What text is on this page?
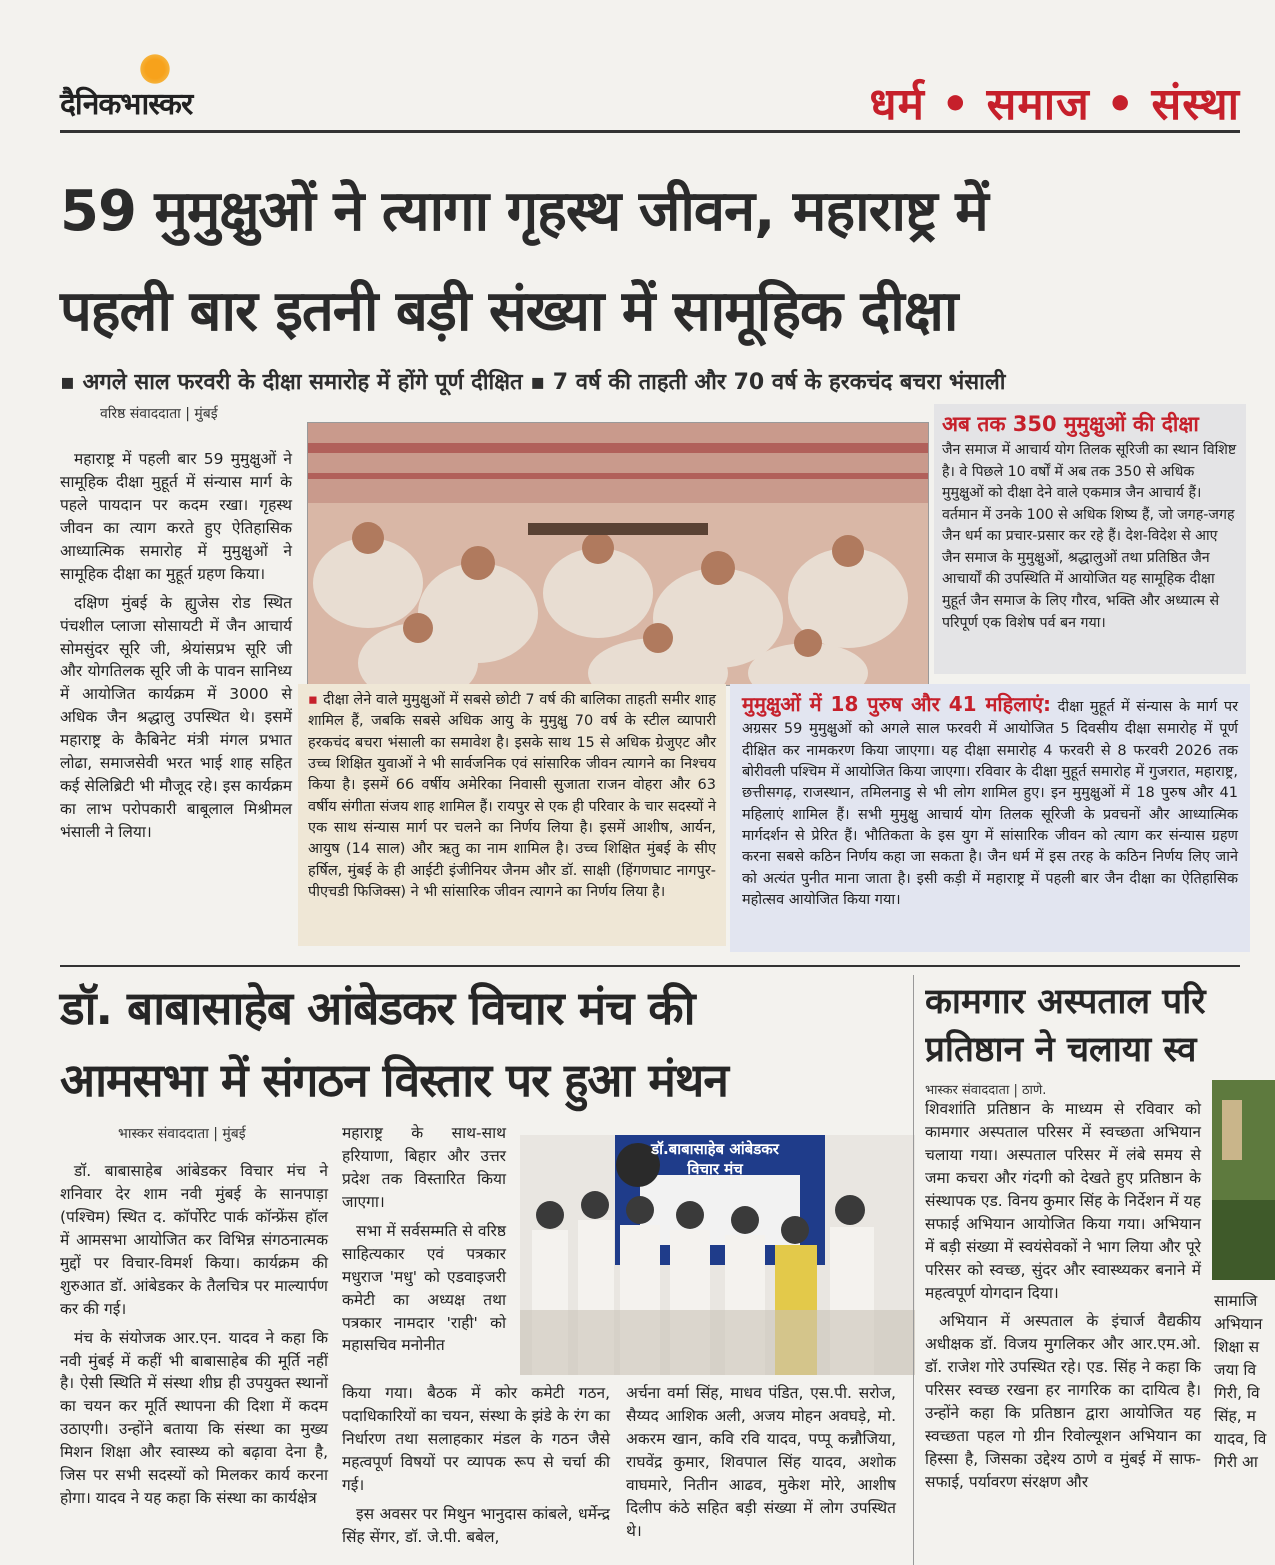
दैनिकभास्कर	धर्म • समाज • संस्था
59 मुमुक्षुओं ने त्यागा गृहस्थ जीवन, महाराष्ट्र में
पहली बार इतनी बड़ी संख्या में सामूहिक दीक्षा
▪ अगले साल फरवरी के दीक्षा समारोह में होंगे पूर्ण दीक्षित ▪ 7 वर्ष की ताहती और 70 वर्ष के हरकचंद बचरा भंसाली
वरिष्ठ संवाददाता | मुंबई

महाराष्ट्र में पहली बार 59 मुमुक्षुओं ने सामूहिक दीक्षा मुहूर्त में संन्यास मार्ग के पहले पायदान पर कदम रखा। गृहस्थ जीवन का त्याग करते हुए ऐतिहासिक आध्यात्मिक समारोह में मुमुक्षुओं ने सामूहिक दीक्षा का मुहूर्त ग्रहण किया।

दक्षिण मुंबई के ह्युजेस रोड स्थित पंचशील प्लाजा सोसायटी में जैन आचार्य सोमसुंदर सूरि जी, श्रेयांसप्रभ सूरि जी और योगतिलक सूरि जी के पावन सानिध्य में आयोजित कार्यक्रम में 3000 से अधिक जैन श्रद्धालु उपस्थित थे। इसमें महाराष्ट्र के कैबिनेट मंत्री मंगल प्रभात लोढा, समाजसेवी भरत भाई शाह सहित कई सेलिब्रिटी भी मौजूद रहे। इस कार्यक्रम का लाभ परोपकारी बाबूलाल मिश्रीमल भंसाली ने लिया।

अब तक 350 मुमुक्षुओं की दीक्षा
जैन समाज में आचार्य योग तिलक सूरिजी का स्थान विशिष्ट है। वे पिछले 10 वर्षों में अब तक 350 से अधिक मुमुक्षुओं को दीक्षा देने वाले एकमात्र जैन आचार्य हैं। वर्तमान में उनके 100 से अधिक शिष्य हैं, जो जगह-जगह जैन धर्म का प्रचार-प्रसार कर रहे हैं। देश-विदेश से आए जैन समाज के मुमुक्षुओं, श्रद्धालुओं तथा प्रतिष्ठित जैन आचार्यों की उपस्थिति में आयोजित यह सामूहिक दीक्षा मुहूर्त जैन समाज के लिए गौरव, भक्ति और अध्यात्म से परिपूर्ण एक विशेष पर्व बन गया।
▪ दीक्षा लेने वाले मुमुक्षुओं में सबसे छोटी 7 वर्ष की बालिका ताहती समीर शाह शामिल हैं, जबकि सबसे अधिक आयु के मुमुक्षु 70 वर्ष के स्टील व्यापारी हरकचंद बचरा भंसाली का समावेश है। इसके साथ 15 से अधिक ग्रेजुएट और उच्च शिक्षित युवाओं ने भी सार्वजनिक एवं सांसारिक जीवन त्यागने का निश्चय किया है। इसमें 66 वर्षीय अमेरिका निवासी सुजाता राजन वोहरा और 63 वर्षीय संगीता संजय शाह शामिल हैं। रायपुर से एक ही परिवार के चार सदस्यों ने एक साथ संन्यास मार्ग पर चलने का निर्णय लिया है। इसमें आशीष, आर्यन, आयुष (14 साल) और ऋतु का नाम शामिल है। उच्च शिक्षित मुंबई के सीए हर्षिल, मुंबई के ही आईटी इंजीनियर जैनम और डॉ. साक्षी (हिंगणघाट नागपुर-पीएचडी फिजिक्स) ने भी सांसारिक जीवन त्यागने का निर्णय लिया है।
मुमुक्षुओं में 18 पुरुष और 41 महिलाएं: दीक्षा मुहूर्त में संन्यास के मार्ग पर अग्रसर 59 मुमुक्षुओं को अगले साल फरवरी में आयोजित 5 दिवसीय दीक्षा समारोह में पूर्ण दीक्षित कर नामकरण किया जाएगा। यह दीक्षा समारोह 4 फरवरी से 8 फरवरी 2026 तक बोरीवली पश्चिम में आयोजित किया जाएगा। रविवार के दीक्षा मुहूर्त समारोह में गुजरात, महाराष्ट्र, छत्तीसगढ़, राजस्थान, तमिलनाडु से भी लोग शामिल हुए। इन मुमुक्षुओं में 18 पुरुष और 41 महिलाएं शामिल हैं। सभी मुमुक्षु आचार्य योग तिलक सूरिजी के प्रवचनों और आध्यात्मिक मार्गदर्शन से प्रेरित हैं। भौतिकता के इस युग में सांसारिक जीवन को त्याग कर संन्यास ग्रहण करना सबसे कठिन निर्णय कहा जा सकता है। जैन धर्म में इस तरह के कठिन निर्णय लिए जाने को अत्यंत पुनीत माना जाता है। इसी कड़ी में महाराष्ट्र में पहली बार जैन दीक्षा का ऐतिहासिक महोत्सव आयोजित किया गया।
डॉ. बाबासाहेब आंबेडकर विचार मंच की
आमसभा में संगठन विस्तार पर हुआ मंथन
भास्कर संवाददाता | मुंबई

डॉ. बाबासाहेब आंबेडकर विचार मंच ने शनिवार देर शाम नवी मुंबई के सानपाड़ा (पश्चिम) स्थित द. कॉर्पोरेट पार्क कॉन्फ्रेंस हॉल में आमसभा आयोजित कर विभिन्न संगठनात्मक मुद्दों पर विचार-विमर्श किया। कार्यक्रम की शुरुआत डॉ. आंबेडकर के तैलचित्र पर माल्यार्पण कर की गई।

मंच के संयोजक आर.एन. यादव ने कहा कि नवी मुंबई में कहीं भी बाबासाहेब की मूर्ति नहीं है। ऐसी स्थिति में संस्था शीघ्र ही उपयुक्त स्थानों का चयन कर मूर्ति स्थापना की दिशा में कदम उठाएगी। उन्होंने बताया कि संस्था का मुख्य मिशन शिक्षा और स्वास्थ्य को बढ़ावा देना है, जिस पर सभी सदस्यों को मिलकर कार्य करना होगा। यादव ने यह कहा कि संस्था का कार्यक्षेत्र

महाराष्ट्र के साथ-साथ हरियाणा, बिहार और उत्तर प्रदेश तक विस्तारित किया जाएगा।

सभा में सर्वसम्मति से वरिष्ठ साहित्यकार एवं पत्रकार मधुराज 'मधु' को एडवाइजरी कमेटी का अध्यक्ष तथा पत्रकार नामदार 'राही' को महासचिव मनोनीत

किया गया। बैठक में कोर कमेटी गठन, पदाधिकारियों का चयन, संस्था के झंडे के रंग का निर्धारण तथा सलाहकार मंडल के गठन जैसे महत्वपूर्ण विषयों पर व्यापक रूप से चर्चा की गई।

इस अवसर पर मिथुन भानुदास कांबले, धर्मेन्द्र सिंह सेंगर, डॉ. जे.पी. बबेल,

अर्चना वर्मा सिंह, माधव पंडित, एस.पी. सरोज, सैय्यद आशिक अली, अजय मोहन अवघड़े, मो. अकरम खान, कवि रवि यादव, पप्पू कन्नौजिया, राघवेंद्र कुमार, शिवपाल सिंह यादव, अशोक वाघमारे, नितीन आढव, मुकेश मोरे, आशीष दिलीप कंठे सहित बड़ी संख्या में लोग उपस्थित थे।

डॉ.बाबासाहेब आंबेडकर
विचार मंच
कामगार अस्पताल परि
प्रतिष्ठान ने चलाया स्व
भास्कर संवाददाता | ठाणे.

शिवशांति प्रतिष्ठान के माध्यम से रविवार को कामगार अस्पताल परिसर में स्वच्छता अभियान चलाया गया। अस्पताल परिसर में लंबे समय से जमा कचरा और गंदगी को देखते हुए प्रतिष्ठान के संस्थापक एड. विनय कुमार सिंह के निर्देशन में यह सफाई अभियान आयोजित किया गया। अभियान में बड़ी संख्या में स्वयंसेवकों ने भाग लिया और पूरे परिसर को स्वच्छ, सुंदर और स्वास्थ्यकर बनाने में महत्वपूर्ण योगदान दिया।

अभियान में अस्पताल के इंचार्ज वैद्यकीय अधीक्षक डॉ. विजय मुगलिकर और आर.एम.ओ. डॉ. राजेश गोरे उपस्थित रहे। एड. सिंह ने कहा कि परिसर स्वच्छ रखना हर नागरिक का दायित्व है। उन्होंने कहा कि प्रतिष्ठान द्वारा आयोजित यह स्वच्छता पहल गो ग्रीन रिवोल्यूशन अभियान का हिस्सा है, जिसका उद्देश्य ठाणे व मुंबई में साफ-सफाई, पर्यावरण संरक्षण और

सामाजि
अभियान
शिक्षा स
जया वि
गिरी, वि
सिंह, म
यादव, वि
गिरी आ
